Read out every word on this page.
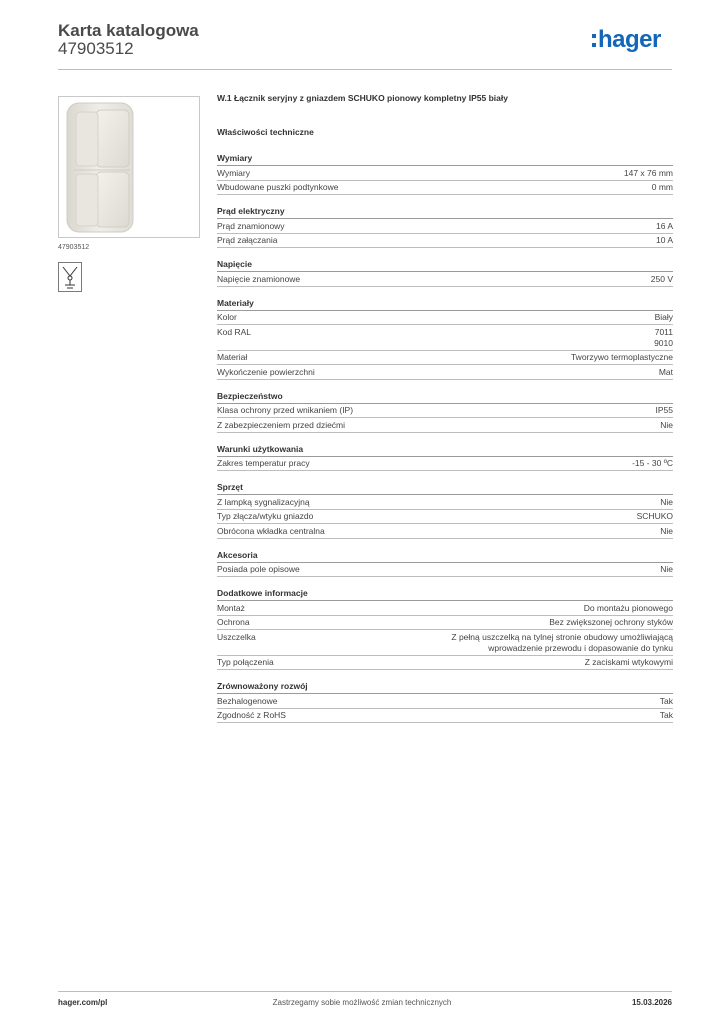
Karta katalogowa
47903512	hager
47903512
W.1 Łącznik seryjny z gniazdem SCHUKO pionowy kompletny IP55 biały
Właściwości techniczne
Wymiary
Wymiary	147 x 76 mm
Wbudowane puszki podtynkowe	0 mm
Prąd elektryczny
Prąd znamionowy	16 A
Prąd załączania	10 A
Napięcie
Napięcie znamionowe	250 V
Materiały
Kolor	Biały
Kod RAL	7011
9010
Materiał	Tworzywo termoplastyczne
Wykończenie powierzchni	Mat
Bezpieczeństwo
Klasa ochrony przed wnikaniem (IP)	IP55
Z zabezpieczeniem przed dziećmi	Nie
Warunki użytkowania
Zakres temperatur pracy	-15 - 30 ºC
Sprzęt
Z lampką sygnalizacyjną	Nie
Typ złącza/wtyku gniazdo	SCHUKO
Obrócona wkładka centralna	Nie
Akcesoria
Posiada pole opisowe	Nie
Dodatkowe informacje
Montaż	Do montażu pionowego
Ochrona	Bez zwiększonej ochrony styków
Uszczelka	Z pełną uszczelką na tylnej stronie obudowy umożliwiającą
wprowadzenie przewodu i dopasowanie do tynku
Typ połączenia	Z zaciskami wtykowymi
Zrównoważony rozwój
Bezhalogenowe	Tak
Zgodność z RoHS	Tak
hager.com/pl	Zastrzegamy sobie możliwość zmian technicznych	15.03.2026
